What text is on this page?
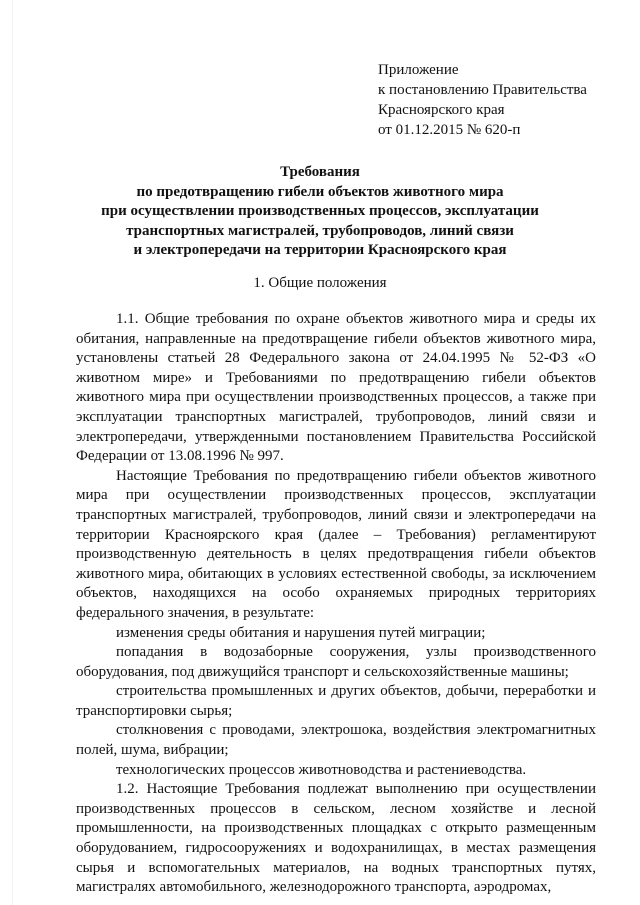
Приложение
к постановлению Правительства
Красноярского края
от 01.12.2015 № 620-п
Требования
по предотвращению гибели объектов животного мира
при осуществлении производственных процессов, эксплуатации
транспортных магистралей, трубопроводов, линий связи
и электропередачи на территории Красноярского края
1. Общие положения

1.1. Общие требования по охране объектов животного мира и среды их обитания, направленные на предотвращение гибели объектов животного мира, установлены статьей 28 Федерального закона от 24.04.1995 № 52-ФЗ «О животном мире» и Требованиями по предотвращению гибели объектов животного мира при осуществлении производственных процессов, а также при эксплуатации транспортных магистралей, трубопроводов, линий связи и электропередачи, утвержденными постановлением Правительства Российской Федерации от 13.08.1996 № 997.

Настоящие Требования по предотвращению гибели объектов животного мира при осуществлении производственных процессов, эксплуатации транспортных магистралей, трубопроводов, линий связи и электропередачи на территории Красноярского края (далее – Требования) регламентируют производственную деятельность в целях предотвращения гибели объектов животного мира, обитающих в условиях естественной свободы, за исключением объектов, находящихся на особо охраняемых природных территориях федерального значения, в результате:

изменения среды обитания и нарушения путей миграции;

попадания в водозаборные сооружения, узлы производственного оборудования, под движущийся транспорт и сельскохозяйственные машины;

строительства промышленных и других объектов, добычи, переработки и транспортировки сырья;

столкновения с проводами, электрошока, воздействия электромагнитных полей, шума, вибрации;

технологических процессов животноводства и растениеводства.

1.2. Настоящие Требования подлежат выполнению при осуществлении производственных процессов в сельском, лесном хозяйстве и лесной промышленности, на производственных площадках с открыто размещенным оборудованием, гидросооружениях и водохранилищах, в местах размещения сырья и вспомогательных материалов, на водных транспортных путях, магистралях автомобильного, железнодорожного транспорта, аэродромах,
